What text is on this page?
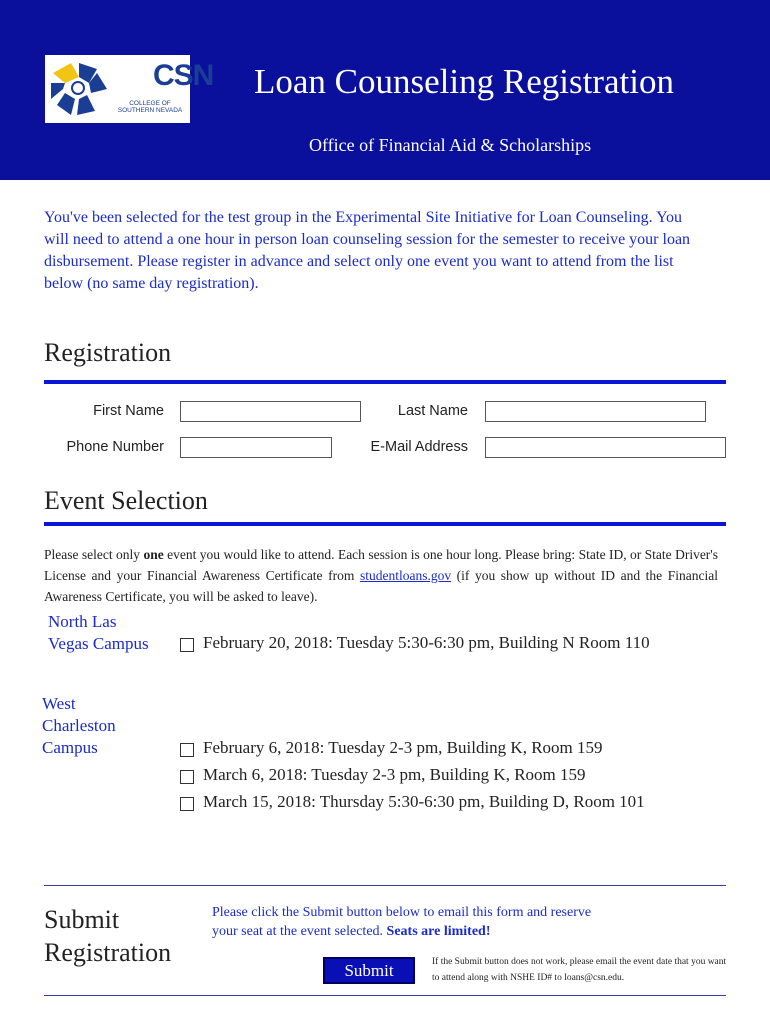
CSN
COLLEGE OF SOUTHERN NEVADA
Loan Counseling Registration
Office of Financial Aid & Scholarships
You've been selected for the test group in the Experimental Site Initiative for Loan Counseling. You will need to attend a one hour in person loan counseling session for the semester to receive your loan disbursement. Please register in advance and select only one event you want to attend from the list below (no same day registration).
Registration
First Name	Last Name
Phone Number	E-Mail Address
Event Selection
Please select only one event you would like to attend. Each session is one hour long. Please bring: State ID, or State Driver's License and your Financial Awareness Certificate from studentloans.gov (if you show up without ID and the Financial Awareness Certificate, you will be asked to leave).
North Las
Vegas Campus	February 20, 2018: Tuesday 5:30-6:30 pm, Building N Room 110
West
Charleston
Campus	February 6, 2018: Tuesday 2-3 pm, Building K, Room 159
March 6, 2018: Tuesday 2-3 pm, Building K, Room 159
March 15, 2018: Thursday 5:30-6:30 pm, Building D, Room 101
Submit
Registration
Please click the Submit button below to email this form and reserve your seat at the event selected. Seats are limited!
Submit	If the Submit button does not work, please email the event date that you want to attend along with NSHE ID# to loans@csn.edu.
